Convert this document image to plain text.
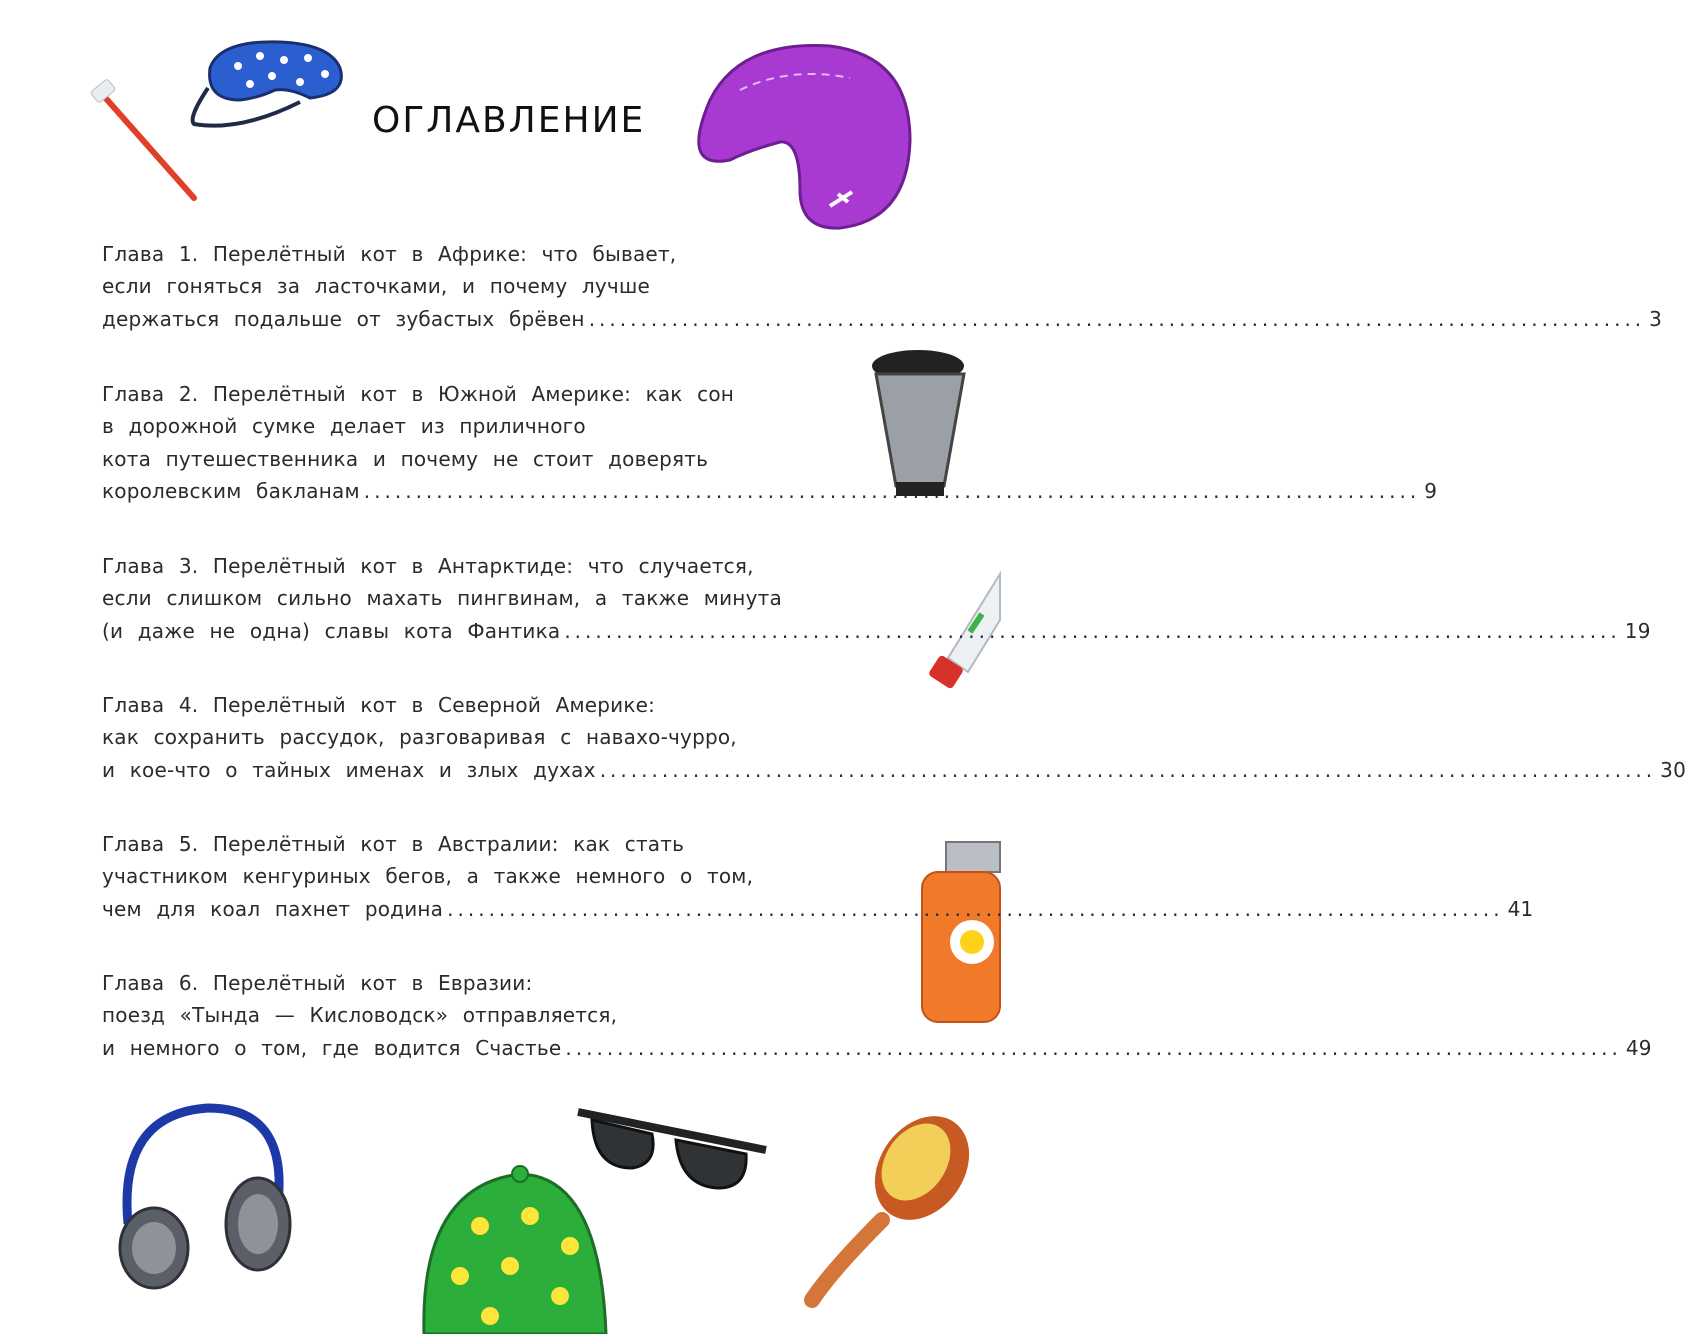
ОГЛАВЛЕНИЕ
Глава 1. Перелётный кот в Африке: что бывает,
если гоняться за ласточками, и почему лучше
держаться подальше от зубастых брёвен ...................................................................................................... 3
Глава 2. Перелётный кот в Южной Америке: как сон
в дорожной сумке делает из приличного
кота путешественника и почему не стоит доверять
королевским бакланам ...................................................................................................... 9
Глава 3. Перелётный кот в Антарктиде: что случается,
если слишком сильно махать пингвинам, а также минута
(и даже не одна) славы кота Фантика ...................................................................................................... 19
Глава 4. Перелётный кот в Северной Америке:
как сохранить рассудок, разговаривая с навахо-чурро,
и кое-что о тайных именах и злых духах ...................................................................................................... 30
Глава 5. Перелётный кот в Австралии: как стать
участником кенгуриных бегов, а также немного о том,
чем для коал пахнет родина ...................................................................................................... 41
Глава 6. Перелётный кот в Евразии:
поезд «Тында — Кисловодск» отправляется,
и немного о том, где водится Счастье ...................................................................................................... 49
